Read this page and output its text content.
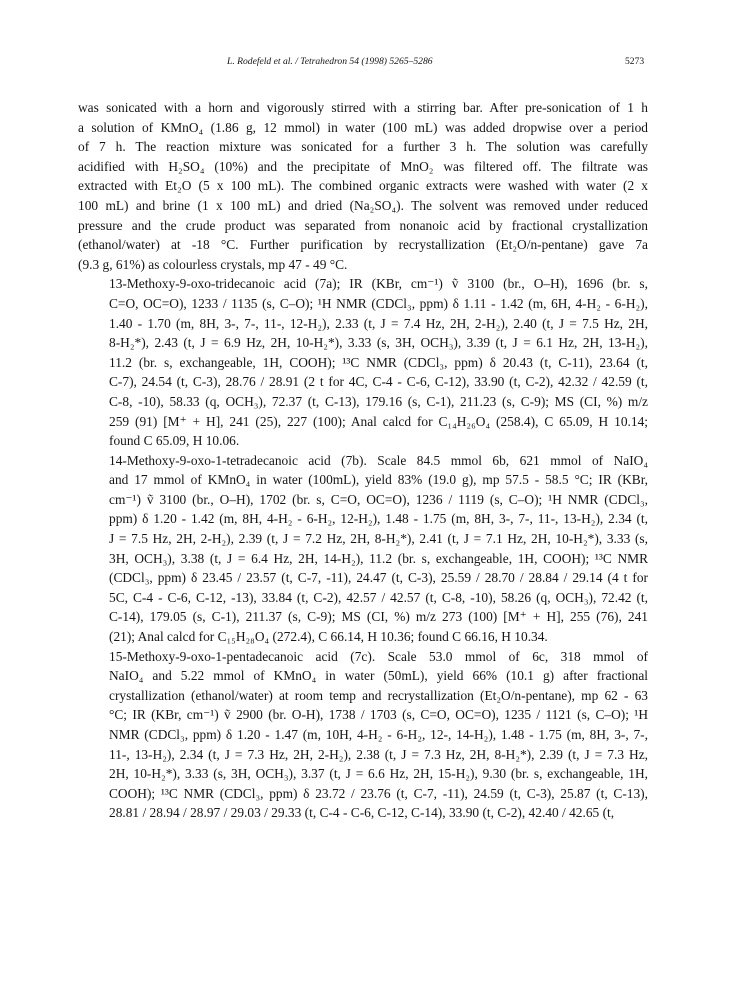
L. Rodefeld et al. / Tetrahedron 54 (1998) 5265–5286	5273

was sonicated with a horn and vigorously stirred with a stirring bar. After pre-sonication of 1 h
a solution of KMnO₄ (1.86 g, 12 mmol) in water (100 mL) was added dropwise over a period
of 7 h. The reaction mixture was sonicated for a further 3 h. The solution was carefully
acidified with H₂SO₄ (10%) and the precipitate of MnO₂ was filtered off. The filtrate was
extracted with Et₂O (5 x 100 mL). The combined organic extracts were washed with water (2 x
100 mL) and brine (1 x 100 mL) and dried (Na₂SO₄). The solvent was removed under reduced
pressure and the crude product was separated from nonanoic acid by fractional crystallization
(ethanol/water) at -18 °C. Further purification by recrystallization (Et₂O/n-pentane) gave 7a
(9.3 g, 61%) as colourless crystals, mp 47 - 49 °C.

13-Methoxy-9-oxo-tridecanoic acid (7a); IR (KBr, cm⁻¹) ṽ 3100 (br., O–H), 1696 (br. s,
C=O, OC=O), 1233 / 1135 (s, C–O); ¹H NMR (CDCl₃, ppm) δ 1.11 - 1.42 (m, 6H, 4-H₂ - 6-H₂),
1.40 - 1.70 (m, 8H, 3-, 7-, 11-, 12-H₂), 2.33 (t, J = 7.4 Hz, 2H, 2-H₂), 2.40 (t, J = 7.5 Hz, 2H,
8-H₂*), 2.43 (t, J = 6.9 Hz, 2H, 10-H₂*), 3.33 (s, 3H, OCH₃), 3.39 (t, J = 6.1 Hz, 2H, 13-H₂),
11.2 (br. s, exchangeable, 1H, COOH); ¹³C NMR (CDCl₃, ppm) δ 20.43 (t, C-11), 23.64 (t,
C-7), 24.54 (t, C-3), 28.76 / 28.91 (2 t for 4C, C-4 - C-6, C-12), 33.90 (t, C-2), 42.32 / 42.59 (t,
C-8, -10), 58.33 (q, OCH₃), 72.37 (t, C-13), 179.16 (s, C-1), 211.23 (s, C-9); MS (CI, %) m/z
259 (91) [M⁺ + H], 241 (25), 227 (100); Anal calcd for C₁₄H₂₆O₄ (258.4), C 65.09, H 10.14;
found C 65.09, H 10.06.

14-Methoxy-9-oxo-1-tetradecanoic acid (7b). Scale 84.5 mmol 6b, 621 mmol of NaIO₄
and 17 mmol of KMnO₄ in water (100mL), yield 83% (19.0 g), mp 57.5 - 58.5 °C; IR (KBr,
cm⁻¹) ṽ 3100 (br., O–H), 1702 (br. s, C=O, OC=O), 1236 / 1119 (s, C–O); ¹H NMR (CDCl₃,
ppm) δ 1.20 - 1.42 (m, 8H, 4-H₂ - 6-H₂, 12-H₂), 1.48 - 1.75 (m, 8H, 3-, 7-, 11-, 13-H₂), 2.34 (t,
J = 7.5 Hz, 2H, 2-H₂), 2.39 (t, J = 7.2 Hz, 2H, 8-H₂*), 2.41 (t, J = 7.1 Hz, 2H, 10-H₂*), 3.33 (s,
3H, OCH₃), 3.38 (t, J = 6.4 Hz, 2H, 14-H₂), 11.2 (br. s, exchangeable, 1H, COOH); ¹³C NMR
(CDCl₃, ppm) δ 23.45 / 23.57 (t, C-7, -11), 24.47 (t, C-3), 25.59 / 28.70 / 28.84 / 29.14 (4 t for
5C, C-4 - C-6, C-12, -13), 33.84 (t, C-2), 42.57 / 42.57 (t, C-8, -10), 58.26 (q, OCH₃), 72.42 (t,
C-14), 179.05 (s, C-1), 211.37 (s, C-9); MS (CI, %) m/z 273 (100) [M⁺ + H], 255 (76), 241
(21); Anal calcd for C₁₅H₂₈O₄ (272.4), C 66.14, H 10.36; found C 66.16, H 10.34.

15-Methoxy-9-oxo-1-pentadecanoic acid (7c). Scale 53.0 mmol of 6c, 318 mmol of
NaIO₄ and 5.22 mmol of KMnO₄ in water (50mL), yield 66% (10.1 g) after fractional
crystallization (ethanol/water) at room temp and recrystallization (Et₂O/n-pentane), mp 62 - 63
°C; IR (KBr, cm⁻¹) ṽ 2900 (br. O-H), 1738 / 1703 (s, C=O, OC=O), 1235 / 1121 (s, C–O); ¹H
NMR (CDCl₃, ppm) δ 1.20 - 1.47 (m, 10H, 4-H₂ - 6-H₂, 12-, 14-H₂), 1.48 - 1.75 (m, 8H, 3-, 7-,
11-, 13-H₂), 2.34 (t, J = 7.3 Hz, 2H, 2-H₂), 2.38 (t, J = 7.3 Hz, 2H, 8-H₂*), 2.39 (t, J = 7.3 Hz,
2H, 10-H₂*), 3.33 (s, 3H, OCH₃), 3.37 (t, J = 6.6 Hz, 2H, 15-H₂), 9.30 (br. s, exchangeable, 1H,
COOH); ¹³C NMR (CDCl₃, ppm) δ 23.72 / 23.76 (t, C-7, -11), 24.59 (t, C-3), 25.87 (t, C-13),
28.81 / 28.94 / 28.97 / 29.03 / 29.33 (t, C-4 - C-6, C-12, C-14), 33.90 (t, C-2), 42.40 / 42.65 (t,
